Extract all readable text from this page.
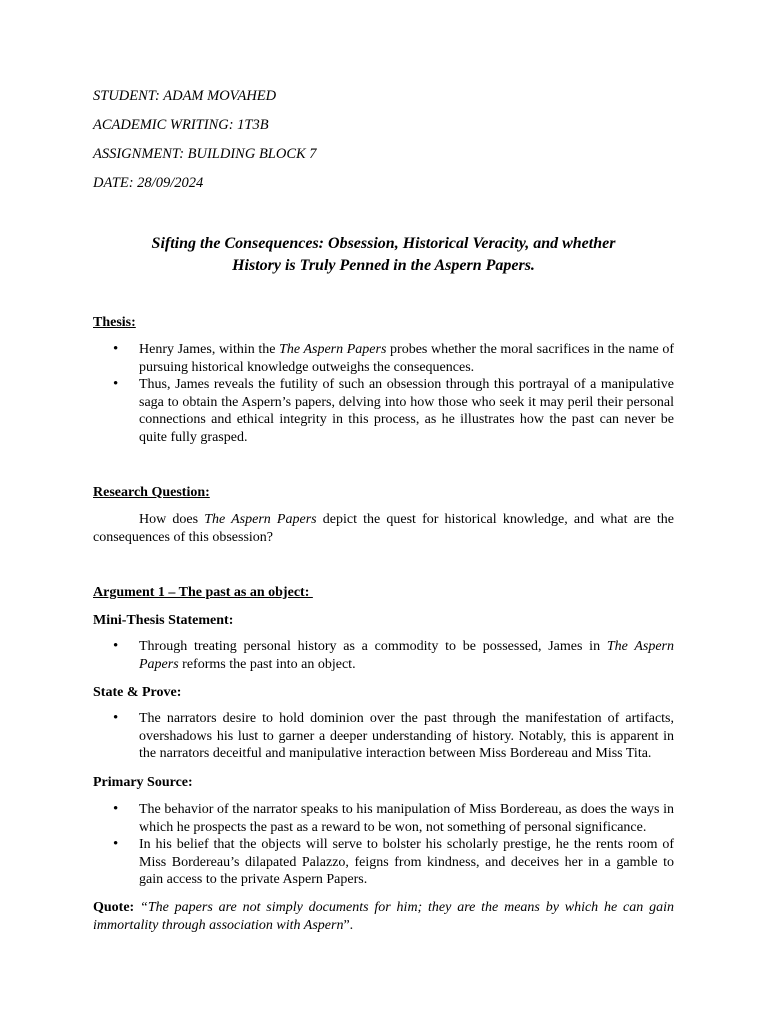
STUDENT: ADAM MOVAHED
ACADEMIC WRITING: 1T3B
ASSIGNMENT: BUILDING BLOCK 7
DATE: 28/09/2024
Sifting the Consequences: Obsession, Historical Veracity, and whether
History is Truly Penned in the Aspern Papers.
Thesis:
• Henry James, within the The Aspern Papers probes whether the moral sacrifices in the name of pursuing historical knowledge outweighs the consequences.
• Thus, James reveals the futility of such an obsession through this portrayal of a manipulative saga to obtain the Aspern’s papers, delving into how those who seek it may peril their personal connections and ethical integrity in this process, as he illustrates how the past can never be quite fully grasped.
Research Question:
How does The Aspern Papers depict the quest for historical knowledge, and what are the consequences of this obsession?
Argument 1 – The past as an object:
Mini-Thesis Statement:
• Through treating personal history as a commodity to be possessed, James in The Aspern Papers reforms the past into an object.
State & Prove:
• The narrators desire to hold dominion over the past through the manifestation of artifacts, overshadows his lust to garner a deeper understanding of history. Notably, this is apparent in the narrators deceitful and manipulative interaction between Miss Bordereau and Miss Tita.
Primary Source:
• The behavior of the narrator speaks to his manipulation of Miss Bordereau, as does the ways in which he prospects the past as a reward to be won, not something of personal significance.
• In his belief that the objects will serve to bolster his scholarly prestige, he the rents room of Miss Bordereau’s dilapated Palazzo, feigns from kindness, and deceives her in a gamble to gain access to the private Aspern Papers.
Quote: “The papers are not simply documents for him; they are the means by which he can gain immortality through association with Aspern”.
